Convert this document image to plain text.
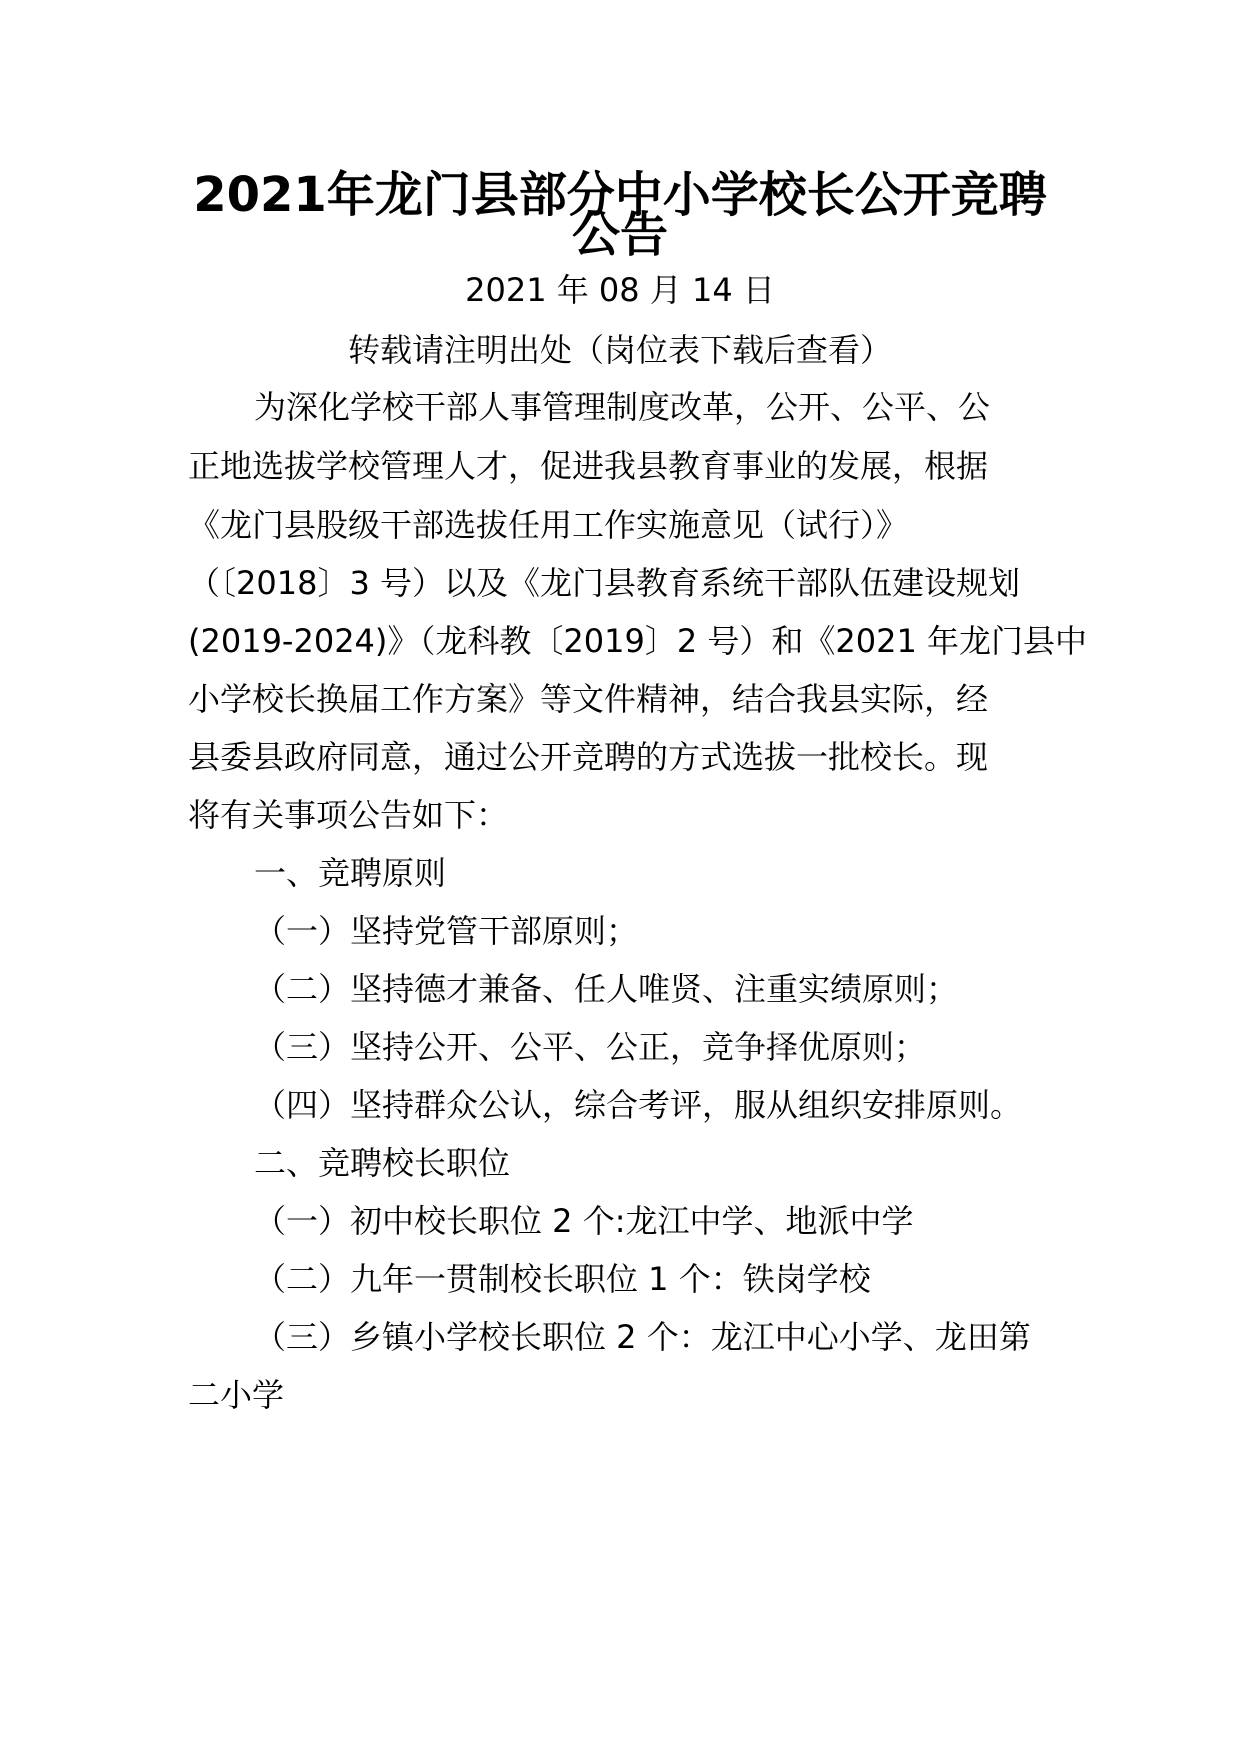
2021年龙门县部分中小学校长公开竞聘
公告
2021 年 08 月 14 日
转载请注明出处（岗位表下载后查看）
为深化学校干部人事管理制度改革，公开、公平、公
正地选拔学校管理人才，促进我县教育事业的发展，根据
《龙门县股级干部选拔任用工作实施意见（试行）》
（〔2018〕3 号）以及《龙门县教育系统干部队伍建设规划
(2019-2024)》（龙科教〔2019〕2 号）和《2021 年龙门县中
小学校长换届工作方案》等文件精神，结合我县实际，经
县委县政府同意，通过公开竞聘的方式选拔一批校长。现
将有关事项公告如下：
一、竞聘原则
（一）坚持党管干部原则；
（二）坚持德才兼备、任人唯贤、注重实绩原则；
（三）坚持公开、公平、公正，竞争择优原则；
（四）坚持群众公认，综合考评，服从组织安排原则。
二、竞聘校长职位
（一）初中校长职位 2 个:龙江中学、地派中学
（二）九年一贯制校长职位 1 个：铁岗学校
（三）乡镇小学校长职位 2 个：龙江中心小学、龙田第
二小学
